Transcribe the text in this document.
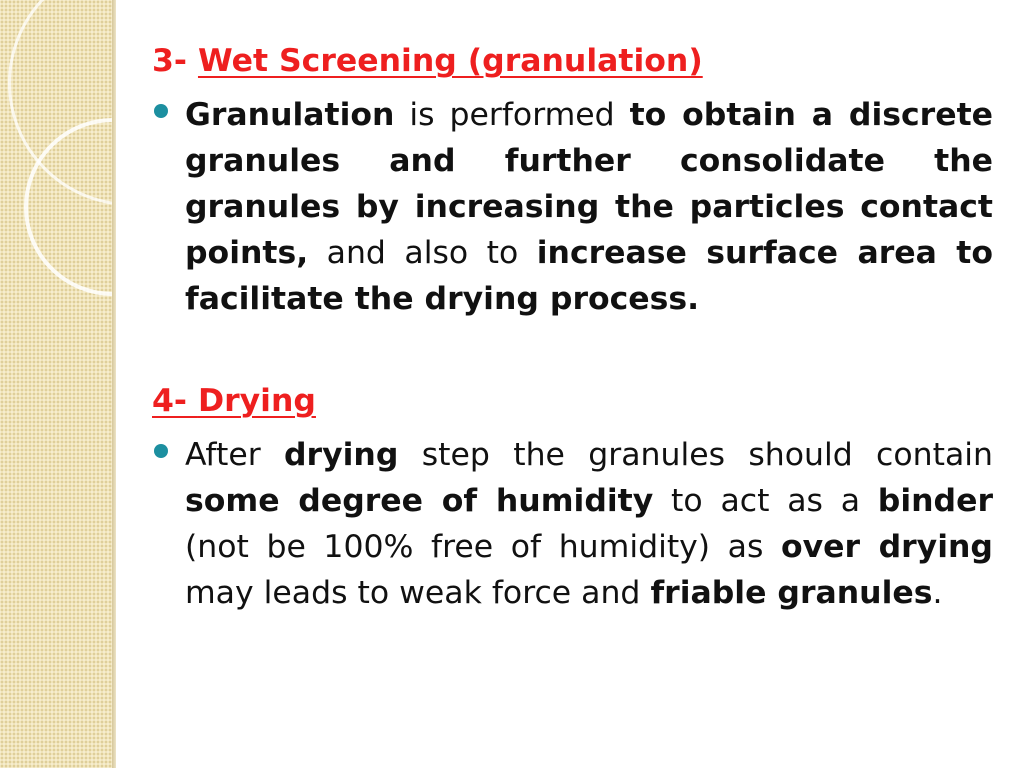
3- Wet Screening (granulation)

Granulation is performed to obtain a discrete granules and further consolidate the granules by increasing the particles contact points, and also to increase surface area to facilitate the drying process.

4- Drying

After drying step the granules should contain some degree of humidity to act as a binder (not be 100% free of humidity) as over drying  may leads to weak force and friable granules.
